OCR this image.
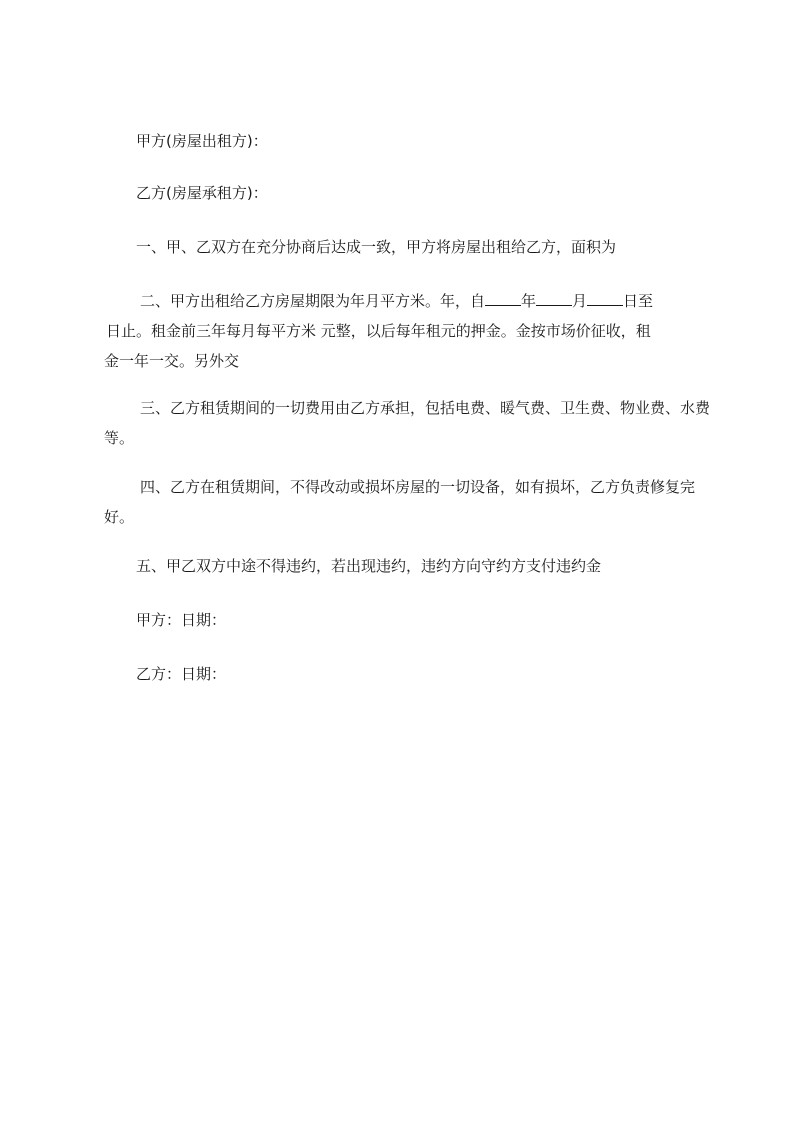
甲方(房屋出租方)：

乙方(房屋承租方)：

一、甲、乙双方在充分协商后达成一致，甲方将房屋出租给乙方，面积为

二、甲方出租给乙方房屋期限为年月平方米。年，自 年 月 日至
日止。租金前三年每月每平方米 元整，以后每年租元的押金。金按市场价征收，租
金一年一交。另外交

三、乙方租赁期间的一切费用由乙方承担，包括电费、暖气费、卫生费、物业费、水费等。

四、乙方在租赁期间，不得改动或损坏房屋的一切设备，如有损坏，乙方负责修复完好。

五、甲乙双方中途不得违约，若出现违约，违约方向守约方支付违约金

甲方：日期：

乙方：日期：
